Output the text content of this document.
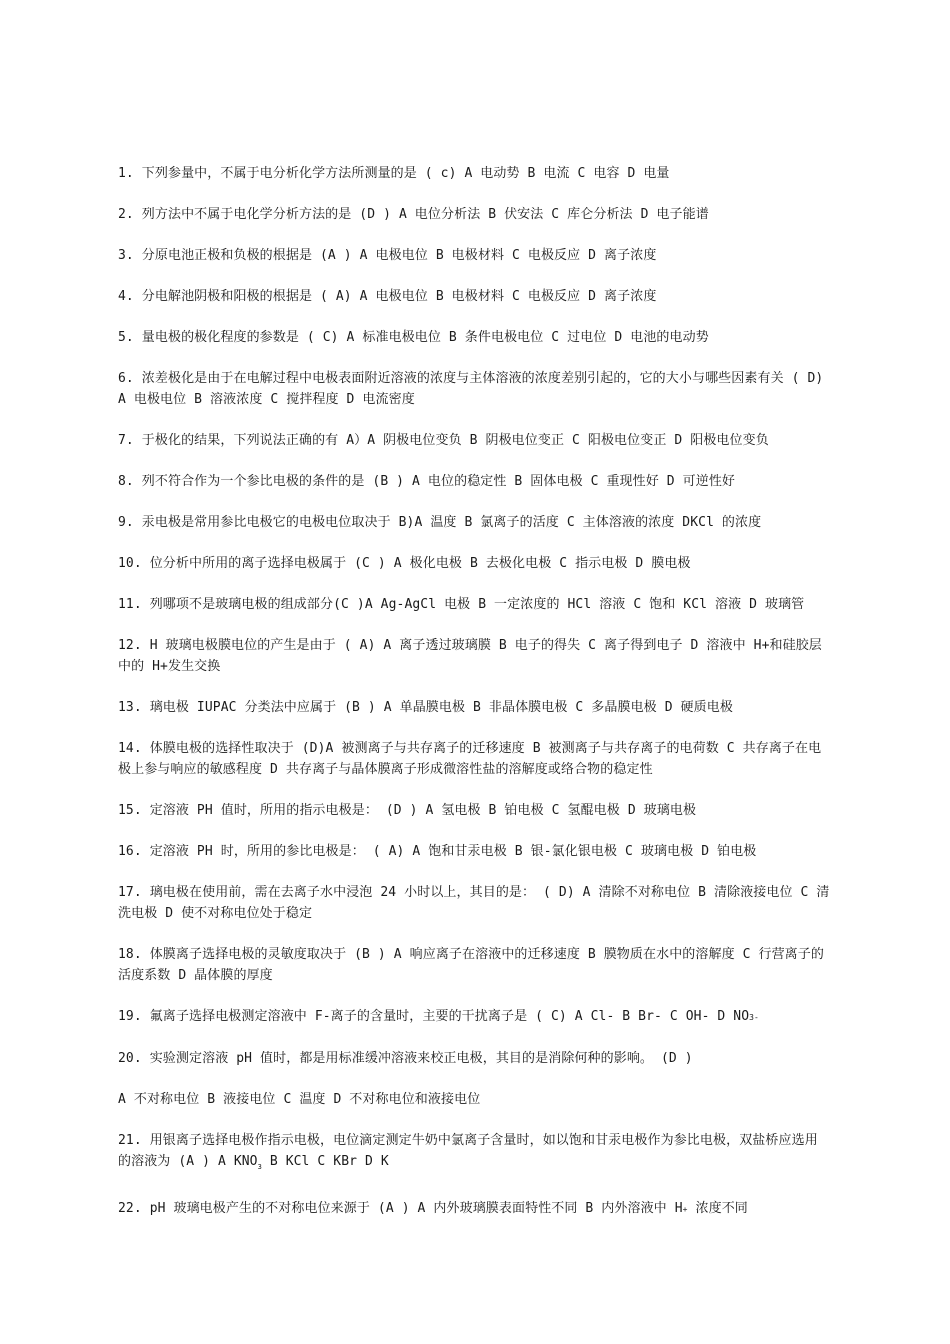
1. 下列参量中，不属于电分析化学方法所测量的是 ( c) A 电动势 B 电流 C 电容 D 电量

2. 列方法中不属于电化学分析方法的是 (D ) A 电位分析法 B 伏安法 C 库仑分析法 D 电子能谱

3. 分原电池正极和负极的根据是 (A ) A 电极电位 B 电极材料 C 电极反应 D 离子浓度

4. 分电解池阴极和阳极的根据是 ( A) A 电极电位 B 电极材料 C 电极反应 D 离子浓度

5. 量电极的极化程度的参数是 ( C) A 标准电极电位 B 条件电极电位 C 过电位 D 电池的电动势

6. 浓差极化是由于在电解过程中电极表面附近溶液的浓度与主体溶液的浓度差别引起的，它的大小与哪些因素有关 ( D) A 电极电位 B 溶液浓度 C 搅拌程度 D 电流密度

7. 于极化的结果，下列说法正确的有 A）A 阴极电位变负 B 阴极电位变正 C 阳极电位变正 D 阳极电位变负

8. 列不符合作为一个参比电极的条件的是 (B ) A 电位的稳定性 B 固体电极 C 重现性好 D 可逆性好

9. 汞电极是常用参比电极它的电极电位取决于 B)A 温度 B 氯离子的活度 C 主体溶液的浓度 DKCl 的浓度

10. 位分析中所用的离子选择电极属于 (C ) A 极化电极 B 去极化电极 C 指示电极 D 膜电极

11. 列哪项不是玻璃电极的组成部分(C )A Ag-AgCl 电极 B 一定浓度的 HCl 溶液 C 饱和 KCl 溶液 D 玻璃管

12. H 玻璃电极膜电位的产生是由于 ( A) A 离子透过玻璃膜 B 电子的得失 C 离子得到电子 D 溶液中 H+和硅胶层中的 H+发生交换

13. 璃电极 IUPAC 分类法中应属于 (B ) A 单晶膜电极 B 非晶体膜电极 C 多晶膜电极 D 硬质电极

14. 体膜电极的选择性取决于 (D)A 被测离子与共存离子的迁移速度 B 被测离子与共存离子的电荷数 C 共存离子在电极上参与响应的敏感程度 D 共存离子与晶体膜离子形成微溶性盐的溶解度或络合物的稳定性

15. 定溶液 PH 值时，所用的指示电极是： (D ) A 氢电极 B 铂电极 C 氢醌电极 D 玻璃电极

16. 定溶液 PH 时，所用的参比电极是： ( A) A 饱和甘汞电极 B 银-氯化银电极 C 玻璃电极 D 铂电极

17. 璃电极在使用前，需在去离子水中浸泡 24 小时以上，其目的是： ( D) A 清除不对称电位 B 清除液接电位 C 清洗电极 D 使不对称电位处于稳定

18. 体膜离子选择电极的灵敏度取决于 (B ) A 响应离子在溶液中的迁移速度 B 膜物质在水中的溶解度 C 行营离子的活度系数 D 晶体膜的厚度

19. 氟离子选择电极测定溶液中 F-离子的含量时，主要的干扰离子是 ( C) A Cl- B Br- C OH- D NO3-

20. 实验测定溶液 pH 值时，都是用标准缓冲溶液来校正电极，其目的是消除何种的影响。 (D )

A 不对称电位 B 液接电位 C 温度 D 不对称电位和液接电位

21. 用银离子选择电极作指示电极，电位滴定测定牛奶中氯离子含量时，如以饱和甘汞电极作为参比电极，双盐桥应选用的溶液为 (A ) A $KNO_3$ B KCl C KBr D K

22. pH 玻璃电极产生的不对称电位来源于 (A ) A 内外玻璃膜表面特性不同 B 内外溶液中 H+ 浓度不同
